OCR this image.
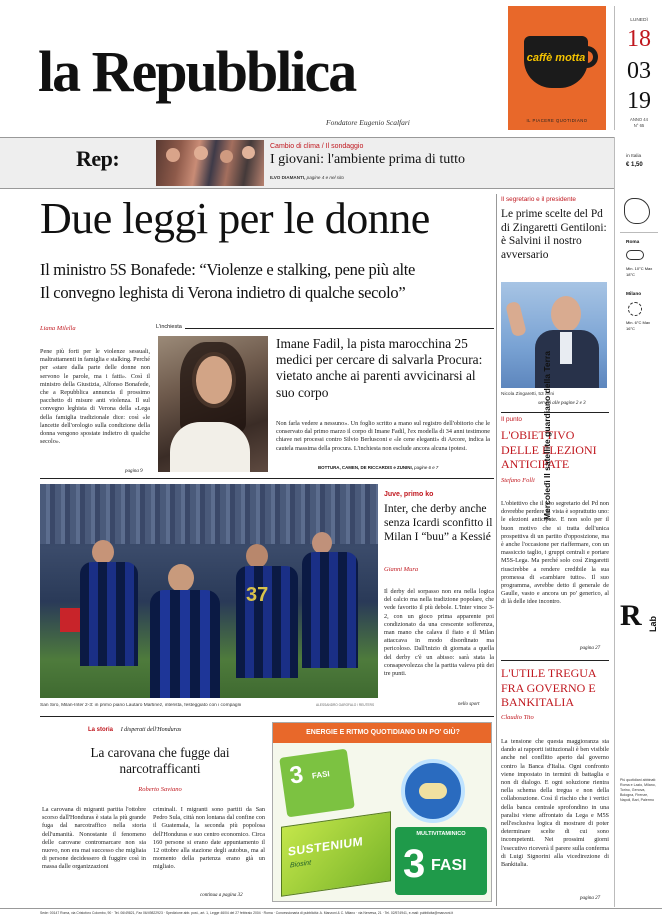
la Repubblica
Fondatore Eugenio Scalfari
caffè motta
IL PIACERE QUOTIDIANO
LUNEDÌ
18
03
19
ANNO 44
N° 65
Rep:	Cambio di clima / Il sondaggio
I giovani: l'ambiente prima di tutto
ILVO DIAMANTI, pagine 4 e nel sito
in Italia
€ 1,50
Due leggi per le donne
Il ministro 5S Bonafede: “Violenze e stalking, pene più alte
Il convegno leghista di Verona indietro di qualche secolo”
Liana Milella
Pene più forti per le violenze sessuali, maltrattamenti in famiglia e stalking. Perché per «stare dalla parte delle donne non servono le parole, ma i fatti». Così il ministro della Giustizia, Alfonso Bonafede, che a Repubblica annuncia il prossimo pacchetto di misure anti violenza. Il sul convegno leghista di Verona della «Lega della famiglia tradizionale dice: così «le lancette dell'orologio sulla condizione della donna vengono spostate indietro di qualche secolo».
pagina 9
L'inchiesta
Imane Fadil, la pista marocchina 25 medici per cercare di salvarla Procura: vietato anche ai parenti avvicinarsi al suo corpo
Non farla vedere a nessuno». Un foglio scritto a mano sul registro dell'obitorio che le conservato dal primo marzo il corpo di Imane Fadil, l'ex modella di 34 anni testimone chiave nei processi contro Silvio Berlusconi e «le cene eleganti» di Arcore, indica la cautela massima della procura. L'inchiesta non esclude ancora alcuna ipotesi.
BOTTURA, CAMEN, DE RICCARDIS e ZUNINI, pagine 6 e 7
37
San Siro, Milan-Inter 2-3: in primo piano Lautaro Martinez, interista, festeggiato con i compagni	ALESSANDRO GAROFALO / REUTERS
Juve, primo ko
Inter, che derby anche senza Icardi sconfitto il Milan I “buu” a Kessié
Gianni Mura
Il derby del sorpasso non era nella logica del calcio ma nella tradizione popolare, che vede favorito il più debole. L'Inter vince 3-2, con un gioco prima apparente poi condizionato da una crescente sofferenza, man mano che calava il fiato e il Milan attaccava in modo disordinato ma pericoloso. Dall'inizio di giornata a quella del derby c'è un abisso: sarà stata la consapevolezza che la partita valeva più dei tre punti.
nello sport
La storia I disperati dell'Honduras
La carovana che fugge dai narcotrafficanti
Roberto Saviano
La carovana di migranti partita l'ottobre scorso dall'Honduras è stata la più grande fuga dal narcotraffico nella storia dell'umanità. Nonostante il fenomeno delle carovane contromarcare non sia nuovo, non era mai successo che migliaia di persone decidessero di fuggire così in massa dalle organizzazioni
criminali. I migranti sono partiti da San Pedro Sula, città non lontana dal confine con il Guatemala, la seconda più popolosa dell'Honduras e suo centro economico. Circa 160 persone si erano date appuntamento il 12 ottobre alla stazione degli autobus, ma al momento della partenza erano già un migliaio.
continua a pagina 32
ENERGIE E RITMO QUOTIDIANO UN PO' GIÙ?
3 FASI
SUSTENIUM
Biosint
MULTIVITAMINICO
3 FASI
Il segretario e il presidente
Le prime scelte del Pd di Zingaretti Gentiloni: è Salvini il nostro avversario
Nicola Zingaretti, 53 anni
servizi alle pagine 2 e 3
Il punto
L'OBIETTIVO DELLE ELEZIONI ANTICIPATE
Stefano Folli
L'obiettivo che il neo segretario del Pd non dovrebbe perdere di vista è soprattutto uno: le elezioni anticipate. E non solo per il buon motivo che si tratta dell'unica prospettiva di un partito d'opposizione, ma è anche l'occasione per riaffermare, con un massiccio taglio, i gruppi centrali e portare M5S-Lega. Ma perché solo così Zingaretti riuscirebbe a rendere credibile la sua promessa di «cambiare tutto». Il suo programma, avrebbe detto il generale de Gaulle, vasto e ancora un po' generico, al di là delle idee incontro.
pagina 27
L'UTILE TREGUA FRA GOVERNO E BANKITALIA
Claudio Tito
La tensione che questa maggioranza sta dando ai rapporti istituzionali è ben visibile anche nel conflitto aperto dal governo contro la Banca d'Italia. Ogni confronto viene impostato in termini di battaglia e non di dialogo. E ogni soluzione rientra nella schema della tregua e non della collaborazione. Così il rischio che i vertici della banca centrale sprofondino in una paralisi viene affrontato da Lega e M5S nell'esclusiva logica di mostrare di poter determinare scelte di cui sono incompetenti. Nei prossimi giorni l'esecutivo riceverà il parere sulla conferma di Luigi Signorini alla vicedirezione di Bankitalia.
pagina 27
Roma
Min. 10°C Max 18°C
Milano
Min. 6°C Max 16°C
Mercoledì Il satellite guardiano della Terra
R Lab
Più quotidiani abbinati: Roma e Lazio, Milano, Torino, Genova, Bologna, Firenze, Napoli, Bari, Palermo
Sede: 00147 Roma, via Cristoforo Colombo, 90 · Tel. 06/49821, Fax 06/49822923 · Spedizione abb. post., art. 1, Legge 46/04 del 27 febbraio 2004 · Roma · Concessionaria di pubblicità: A. Manzoni & C. Milano · via Nervesa, 21 · Tel. 02/574941, e-mail: pubblicita@manzoni.it
